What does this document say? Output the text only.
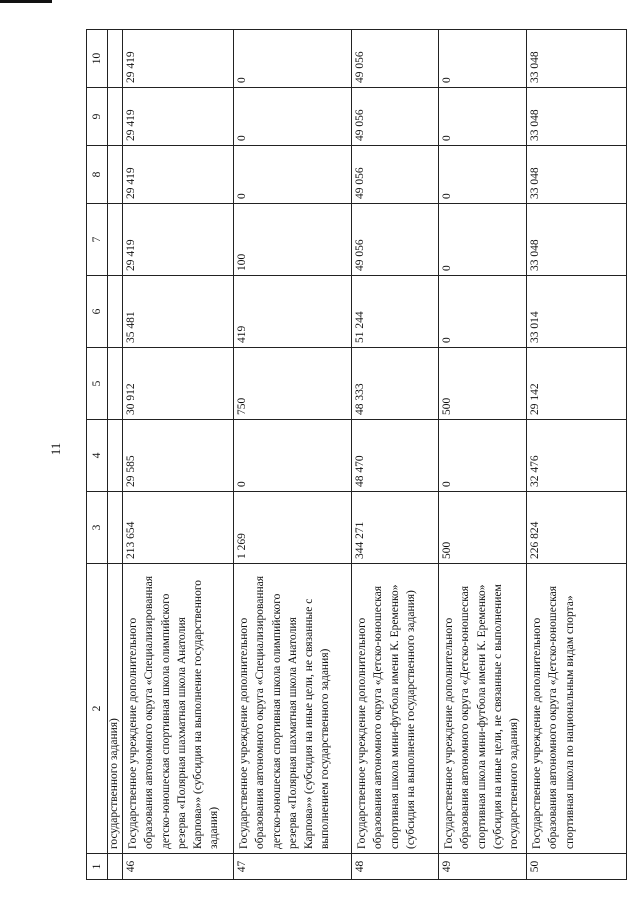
11
1	2	3	4	5	6	7	8	9	10
	государственного задания)								
46	Государственное учреждение дополнительного образования автономного округа «Специализированная детско-юношеская спортивная школа олимпийского резерва «Полярная шахматная школа Анатолия Карпова»» (субсидия на выполнение государственного задания)	213 654	29 585	30 912	35 481	29 419	29 419	29 419	29 419
47	Государственное учреждение дополнительного образования автономного округа «Специализированная детско-юношеская спортивная школа олимпийского резерва «Полярная шахматная школа Анатолия Карпова»» (субсидия на иные цели, не связанные с выполнением государственного задания)	1 269	0	750	419	100	0	0	0
48	Государственное учреждение дополнительного образования автономного округа «Детско-юношеская спортивная школа мини-футбола имени К. Еременко» (субсидия на выполнение государственного задания)	344 271	48 470	48 333	51 244	49 056	49 056	49 056	49 056
49	Государственное учреждение дополнительного образования автономного округа «Детско-юношеская спортивная школа мини-футбола имени К. Еременко» (субсидия на иные цели, не связанные с выполнением государственного задания)	500	0	500	0	0	0	0	0
50	Государственное учреждение дополнительного образования автономного округа «Детско-юношеская спортивная школа по национальным видам спорта»	226 824	32 476	29 142	33 014	33 048	33 048	33 048	33 048
